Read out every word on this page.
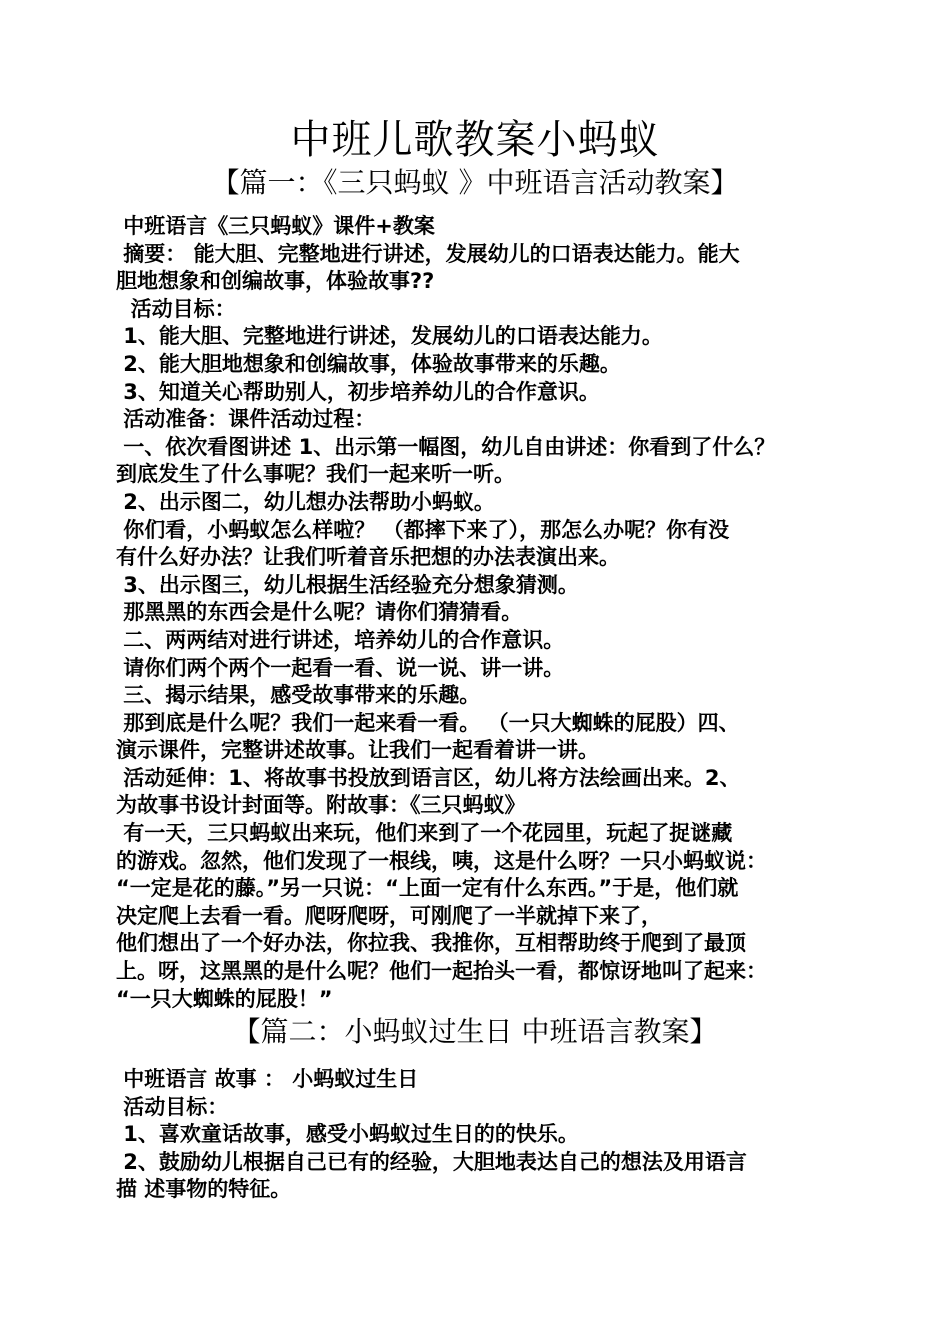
中班儿歌教案小蚂蚁
【篇一：《三只蚂蚁 》中班语言活动教案】
中班语言《三只蚂蚁》课件+教案
摘要： 能大胆、完整地进行讲述，发展幼儿的口语表达能力。能大
胆地想象和创编故事，体验故事??
活动目标：
1、能大胆、完整地进行讲述，发展幼儿的口语表达能力。
2、能大胆地想象和创编故事，体验故事带来的乐趣。
3、知道关心帮助别人，初步培养幼儿的合作意识。
活动准备：课件活动过程：
一、依次看图讲述 1、出示第一幅图，幼儿自由讲述：你看到了什么？
到底发生了什么事呢？我们一起来听一听。
2、出示图二，幼儿想办法帮助小蚂蚁。
你们看，小蚂蚁怎么样啦？ （都摔下来了），那怎么办呢？你有没
有什么好办法？让我们听着音乐把想的办法表演出来。
3、出示图三，幼儿根据生活经验充分想象猜测。
那黑黑的东西会是什么呢？请你们猜猜看。
二、两两结对进行讲述，培养幼儿的合作意识。
请你们两个两个一起看一看、说一说、讲一讲。
三、揭示结果，感受故事带来的乐趣。
那到底是什么呢？我们一起来看一看。 （一只大蜘蛛的屁股）四、
演示课件，完整讲述故事。让我们一起看着讲一讲。
活动延伸：1、将故事书投放到语言区，幼儿将方法绘画出来。2、
为故事书设计封面等。附故事：《三只蚂蚁》
有一天，三只蚂蚁出来玩，他们来到了一个花园里，玩起了捉谜藏
的游戏。忽然，他们发现了一根线，咦，这是什么呀？一只小蚂蚁说：
“一定是花的藤。”另一只说：“上面一定有什么东西。”于是，他们就
决定爬上去看一看。爬呀爬呀，可刚爬了一半就掉下来了，
他们想出了一个好办法，你拉我、我推你，互相帮助终于爬到了最顶
上。呀，这黑黑的是什么呢？他们一起抬头一看，都惊讶地叫了起来：
“一只大蜘蛛的屁股！”
【篇二：小蚂蚁过生日 中班语言教案】
中班语言 故事 ： 小蚂蚁过生日
活动目标：
1、喜欢童话故事，感受小蚂蚁过生日的的快乐。
2、鼓励幼儿根据自己已有的经验，大胆地表达自己的想法及用语言
描 述事物的特征。
